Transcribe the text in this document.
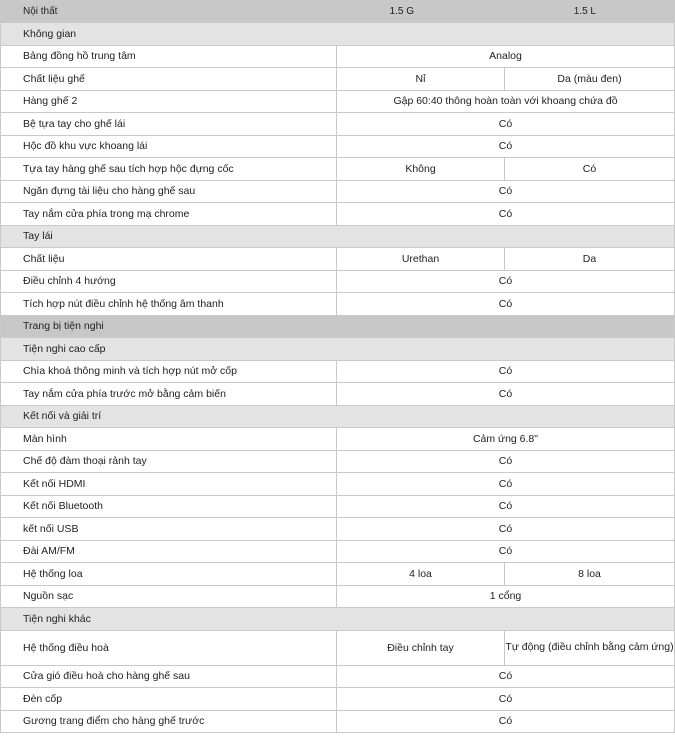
Nội thất	1.5 G	1.5 L
Không gian		
Bảng đồng hồ trung tâm	Analog	
Chất liệu ghế	Nỉ	Da (màu đen)
Hàng ghế 2	Gập 60:40 thông hoàn toàn với khoang chứa đồ	
Bệ tựa tay cho ghế lái	Có	
Hộc đồ khu vực khoang lái	Có	
Tựa tay hàng ghế sau tích hợp hộc đựng cốc	Không	Có
Ngăn đựng tài liệu cho hàng ghế sau	Có	
Tay nắm cửa phía trong mạ chrome	Có	
Tay lái		
Chất liệu	Urethan	Da
Điều chỉnh 4 hướng	Có	
Tích hợp nút điều chỉnh hệ thống âm thanh	Có	
Trang bị tiện nghi		
Tiện nghi cao cấp		
Chìa khoá thông minh và tích hợp nút mở cốp	Có	
Tay nắm cửa phía trước mở bằng cảm biến	Có	
Kết nối và giải trí		
Màn hình	Cảm ứng 6.8"	
Chế độ đàm thoại rảnh tay	Có	
Kết nối HDMI	Có	
Kết nối Bluetooth	Có	
kết nối USB	Có	
Đài AM/FM	Có	
Hệ thống loa	4 loa	8 loa
Nguồn sạc	1 cổng	
Tiện nghi khác		
Hệ thống điều hoà	Điều chỉnh tay	Tự động (điều chỉnh bằng cảm ứng)
Cửa gió điều hoà cho hàng ghế sau	Có	
Đèn cốp	Có	
Gương trang điểm cho hàng ghế trước	Có	
